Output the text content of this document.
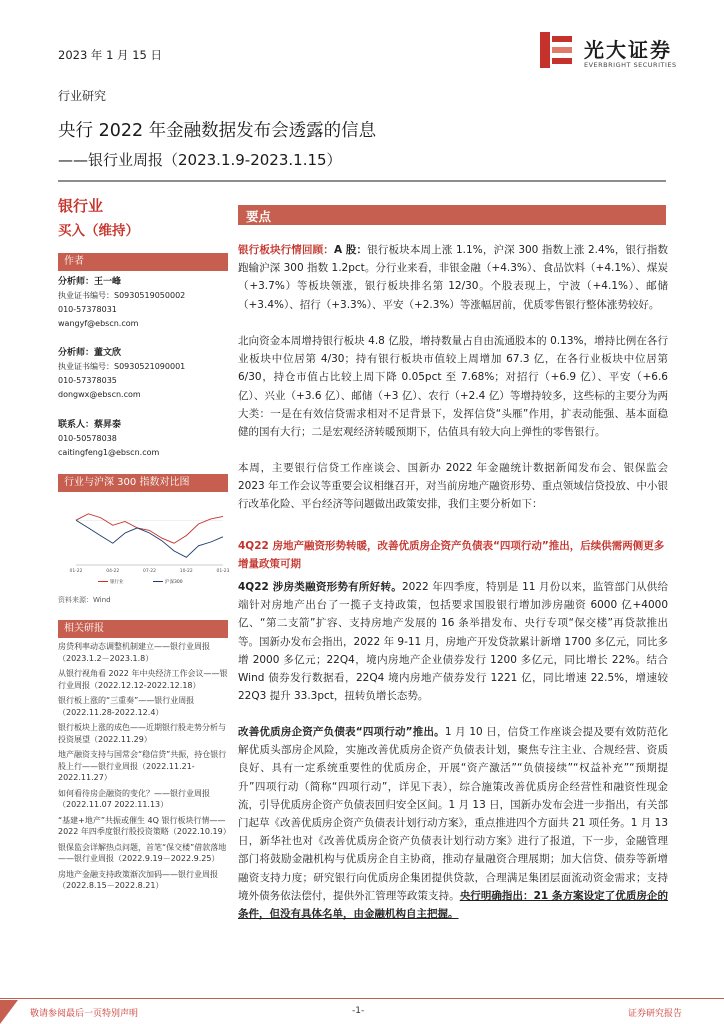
2023 年 1 月 15 日	光大证券
EVERBRIGHT SECURITIES
行业研究
央行 2022 年金融数据发布会透露的信息
——银行业周报（2023.1.9-2023.1.15）
银行业
买入（维持）
作者
分析师：王一峰
执业证书编号：S0930519050002
010-57378031
wangyf@ebscn.com
分析师：董文欣
执业证书编号：S0930521090001
010-57378035
dongwx@ebscn.com
联系人：蔡昇泰
010-50578038
caitingfeng1@ebscn.com
行业与沪深 300 指数对比图
01-22	04-22	07-22	10-22	01-23
银行业	沪深300
资料来源：Wind
相关研报
房贷利率动态调整机制建立——银行业周报（2023.1.2－2023.1.8）
从银行视角看 2022 年中央经济工作会议——银行业周报（2022.12.12-2022.12.18）
银行板上涨的“三重奏”——银行业周报（2022.11.28-2022.12.4）
银行板块上涨的成色——近期银行股走势分析与投资展望（2022.11.29）
地产融资支持与国常会“稳信贷”共振，持仓银行股上行——银行业周报（2022.11.21-2022.11.27）
如何看待房企融资的变化？——银行业周报（2022.11.07 2022.11.13）
“基建+地产”共振或催生 4Q 银行板块行情——2022 年四季度银行股投资策略（2022.10.19）
银保监会详解热点问题，首笔“保交楼”借款落地——银行业周报（2022.9.19－2022.9.25）
房地产金融支持政策渐次加码——银行业周报（2022.8.15－2022.8.21）
要点
银行板块行情回顾：A 股：银行板块本周上涨 1.1%，沪深 300 指数上涨 2.4%，银行指数跑输沪深 300 指数 1.2pct。分行业来看，非银金融（+4.3%）、食品饮料（+4.1%）、煤炭（+3.7%）等板块领涨，银行板块排名第 12/30。个股表现上，宁波（+4.1%）、邮储（+3.4%）、招行（+3.3%）、平安（+2.3%）等涨幅居前，优质零售银行整体涨势较好。
北向资金本周增持银行板块 4.8 亿股，增持数量占自由流通股本的 0.13%，增持比例在各行业板块中位居第 4/30；持有银行板块市值较上周增加 67.3 亿，在各行业板块中位居第 6/30，持仓市值占比较上周下降 0.05pct 至 7.68%；对招行（+6.9 亿）、平安（+6.6 亿）、兴业（+3.6 亿）、邮储（+3 亿）、农行（+2.4 亿）等增持较多，这些标的主要分为两大类：一是在有效信贷需求相对不足背景下，发挥信贷“头雁”作用，扩表动能强、基本面稳健的国有大行；二是宏观经济转暖预期下，估值具有较大向上弹性的零售银行。
本周，主要银行信贷工作座谈会、国新办 2022 年金融统计数据新闻发布会、银保监会 2023 年工作会议等重要会议相继召开，对当前房地产融资形势、重点领域信贷投放、中小银行改革化险、平台经济等问题做出政策安排，我们主要分析如下：
4Q22 房地产融资形势转暖，改善优质房企资产负债表“四项行动”推出，后续供需两侧更多增量政策可期
4Q22 涉房类融资形势有所好转。2022 年四季度，特别是 11 月份以来，监管部门从供给端针对房地产出台了一揽子支持政策，包括要求国股银行增加涉房融资 6000 亿+4000 亿、“第二支箭”扩容、支持房地产发展的 16 条举措发布、央行专项“保交楼”再贷款推出等。国新办发布会指出，2022 年 9-11 月，房地产开发贷款累计新增 1700 多亿元，同比多增 2000 多亿元；22Q4，境内房地产企业债券发行 1200 多亿元，同比增长 22%。结合 Wind 债券发行数据看，22Q4 境内房地产债券发行 1221 亿，同比增速 22.5%，增速较 22Q3 提升 33.3pct，扭转负增长态势。
改善优质房企资产负债表“四项行动”推出。1 月 10 日，信贷工作座谈会提及要有效防范化解优质头部房企风险，实施改善优质房企资产负债表计划，聚焦专注主业、合规经营、资质良好、具有一定系统重要性的优质房企，开展“资产激活”“负债接续”“权益补充”“预期提升”四项行动（简称“四项行动”，详见下表），综合施策改善优质房企经营性和融资性现金流，引导优质房企资产负债表回归安全区间。1 月 13 日，国新办发布会进一步指出，有关部门起草《改善优质房企资产负债表计划行动方案》，重点推进四个方面共 21 项任务。1 月 13 日，新华社也对《改善优质房企资产负债表计划行动方案》进行了报道，下一步，金融管理部门将鼓励金融机构与优质房企自主协商，推动存量融资合理展期；加大信贷、债券等新增融资支持力度；研究银行向优质房企集团提供贷款，合理满足集团层面流动资金需求；支持境外债务依法偿付，提供外汇管理等政策支持。央行明确指出：21 条方案设定了优质房企的条件，但没有具体名单，由金融机构自主把握。
敬请参阅最后一页特别声明	-1-	证券研究报告
